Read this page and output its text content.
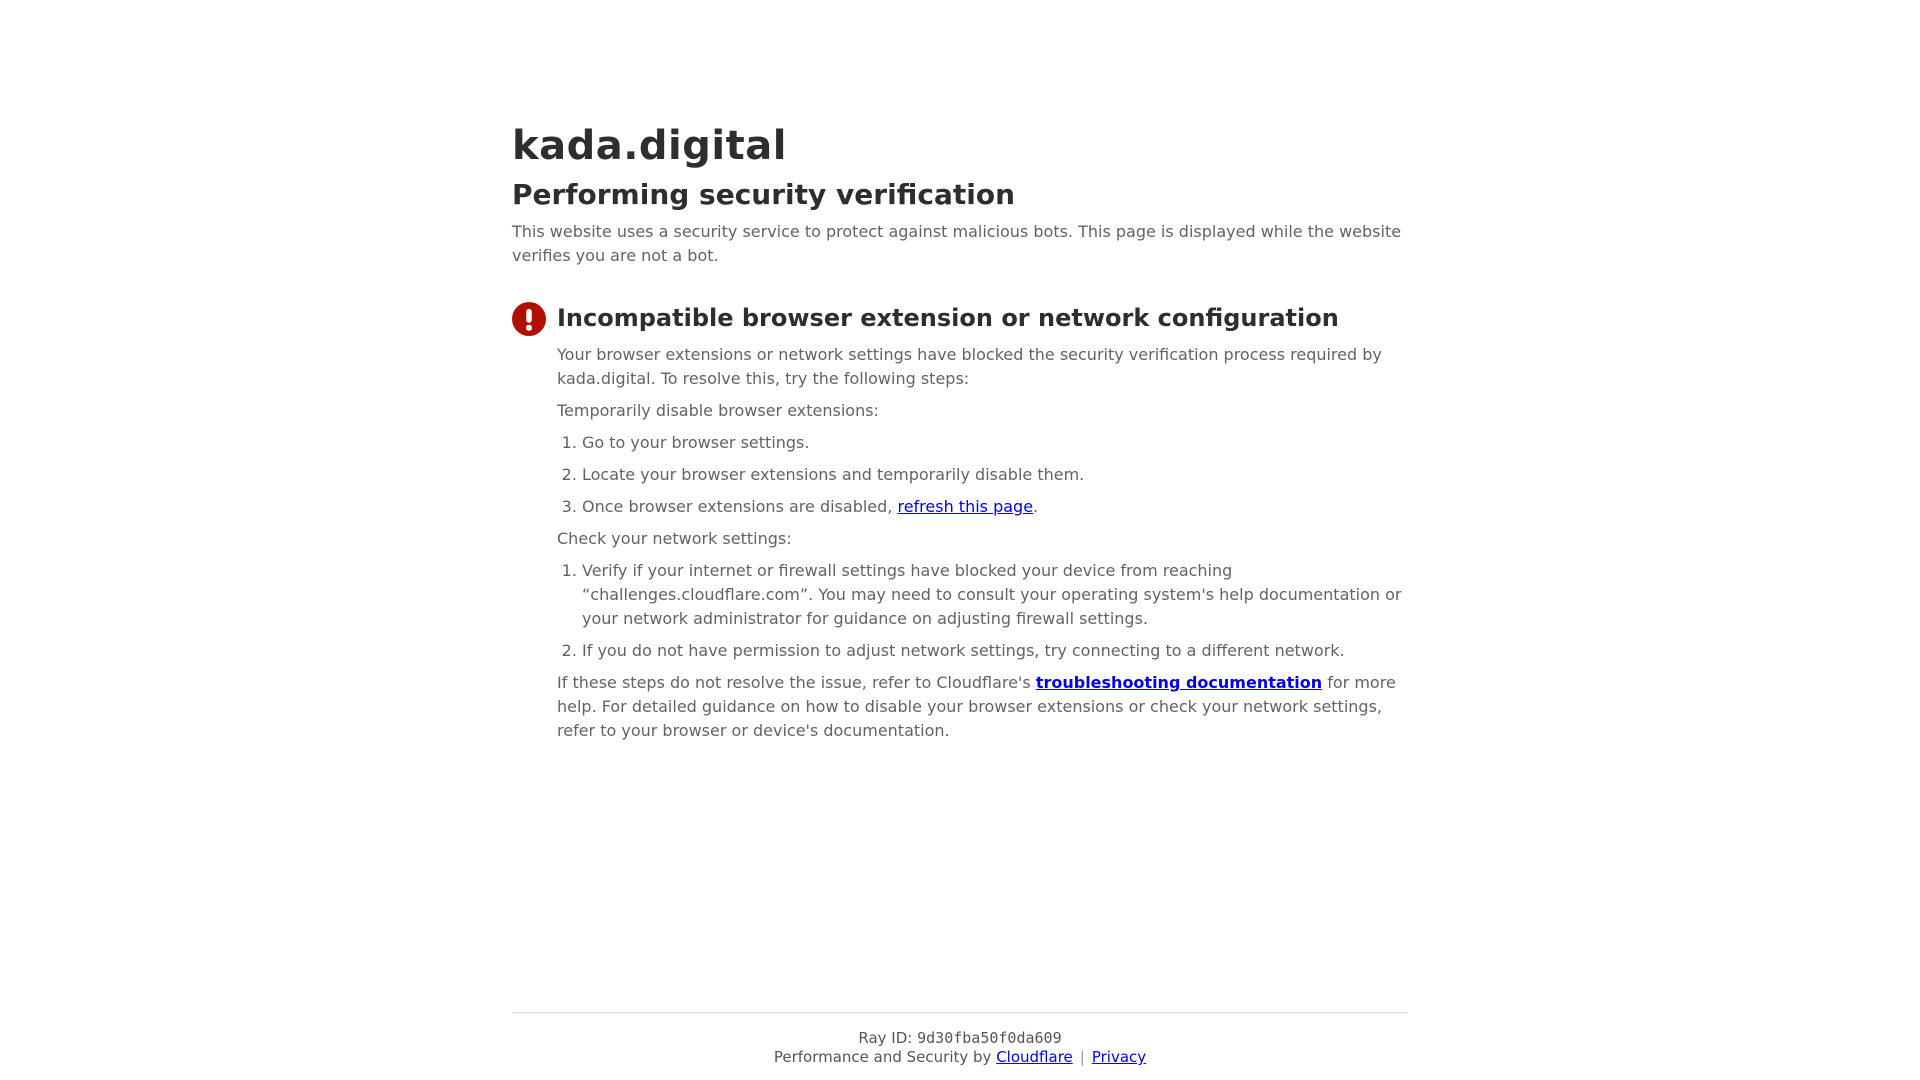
kada.digital
Performing security verification

This website uses a security service to protect against malicious bots. This page is displayed while the website verifies you are not a bot.

Incompatible browser extension or network configuration

Your browser extensions or network settings have blocked the security verification process required by kada.digital. To resolve this, try the following steps:

Temporarily disable browser extensions:

1. Go to your browser settings.
2. Locate your browser extensions and temporarily disable them.
3. Once browser extensions are disabled, refresh this page.

Check your network settings:

1. Verify if your internet or firewall settings have blocked your device from reaching “challenges.cloudflare.com”. You may need to consult your operating system's help documentation or your network administrator for guidance on adjusting firewall settings.
2. If you do not have permission to adjust network settings, try connecting to a different network.

If these steps do not resolve the issue, refer to Cloudflare's troubleshooting documentation for more help. For detailed guidance on how to disable your browser extensions or check your network settings, refer to your browser or device's documentation.

Ray ID: 9d30fba50f0da609
Performance and Security by Cloudflare | Privacy
